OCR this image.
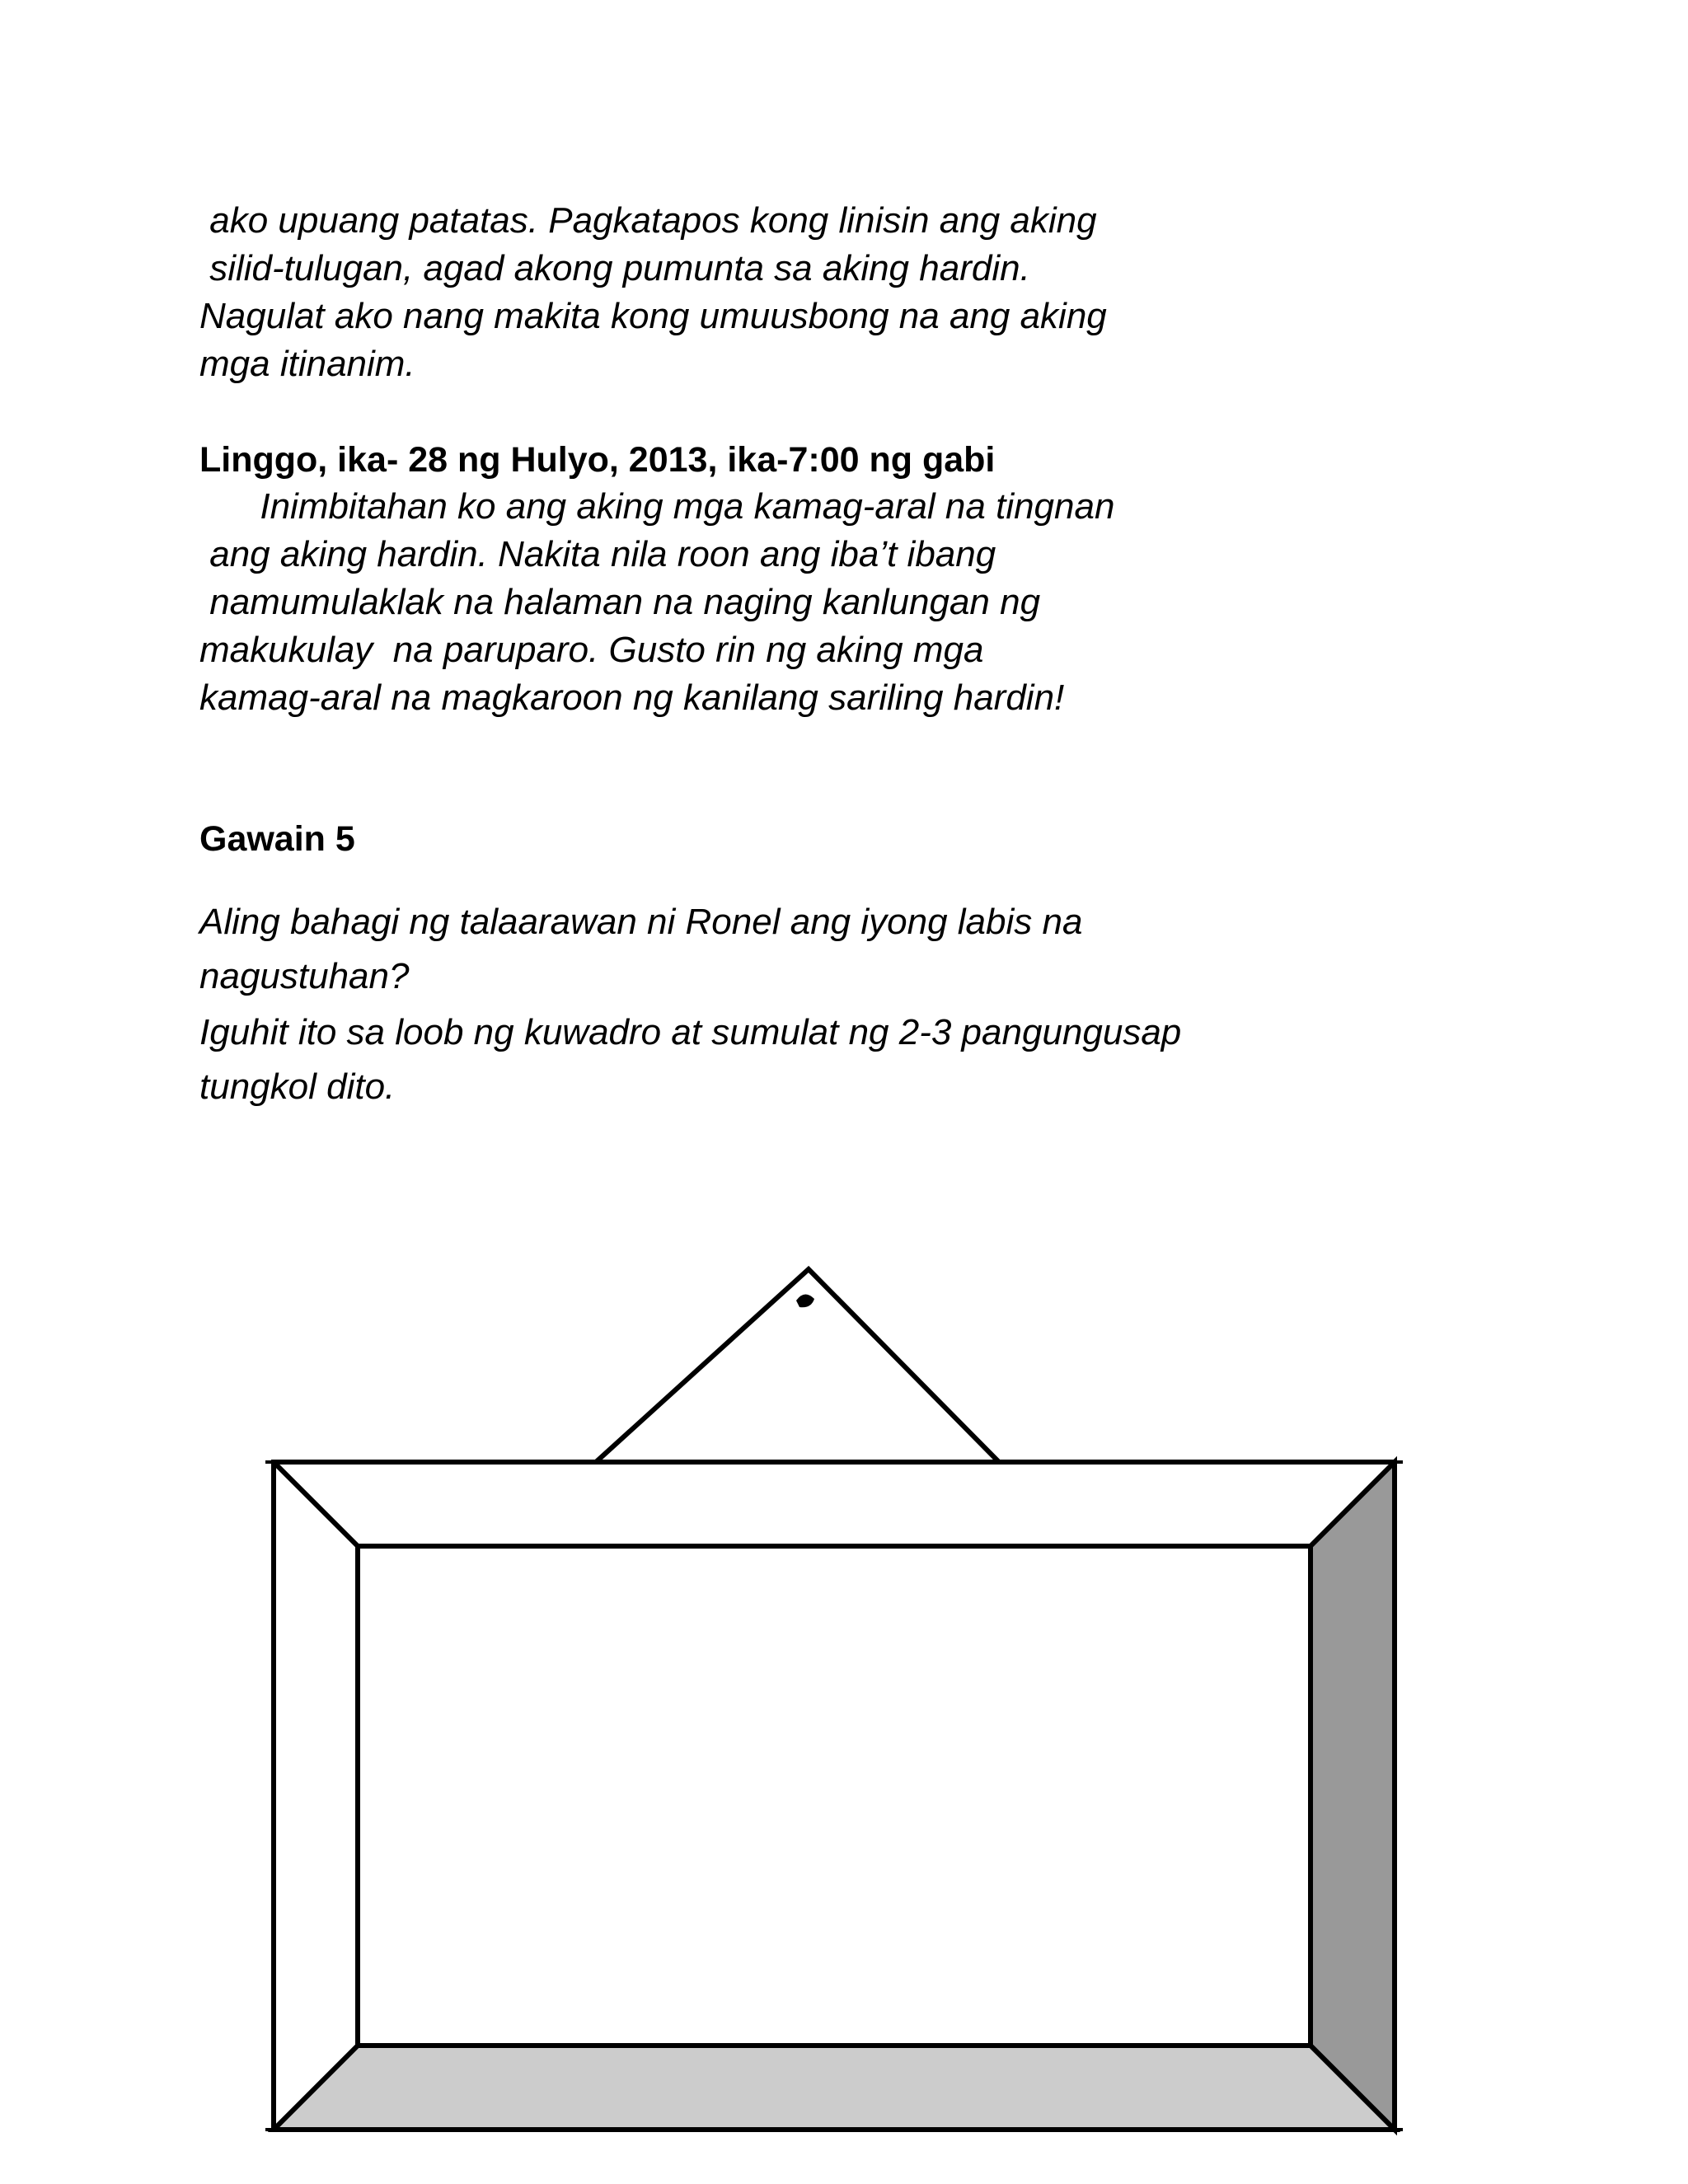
ako upuang patatas. Pagkatapos kong linisin ang aking
silid-tulugan, agad akong pumunta sa aking hardin.
Nagulat ako nang makita kong umuusbong na ang aking
mga itinanim.
Linggo, ika- 28 ng Hulyo, 2013, ika-7:00 ng gabi
Inimbitahan ko ang aking mga kamag-aral na tingnan
ang aking hardin. Nakita nila roon ang iba’t ibang
namumulaklak na halaman na naging kanlungan ng
makukulay  na paruparo. Gusto rin ng aking mga
kamag-aral na magkaroon ng kanilang sariling hardin!
Gawain 5
Aling bahagi ng talaarawan ni Ronel ang iyong labis na
nagustuhan?
Iguhit ito sa loob ng kuwadro at sumulat ng 2-3 pangungusap
tungkol dito.
